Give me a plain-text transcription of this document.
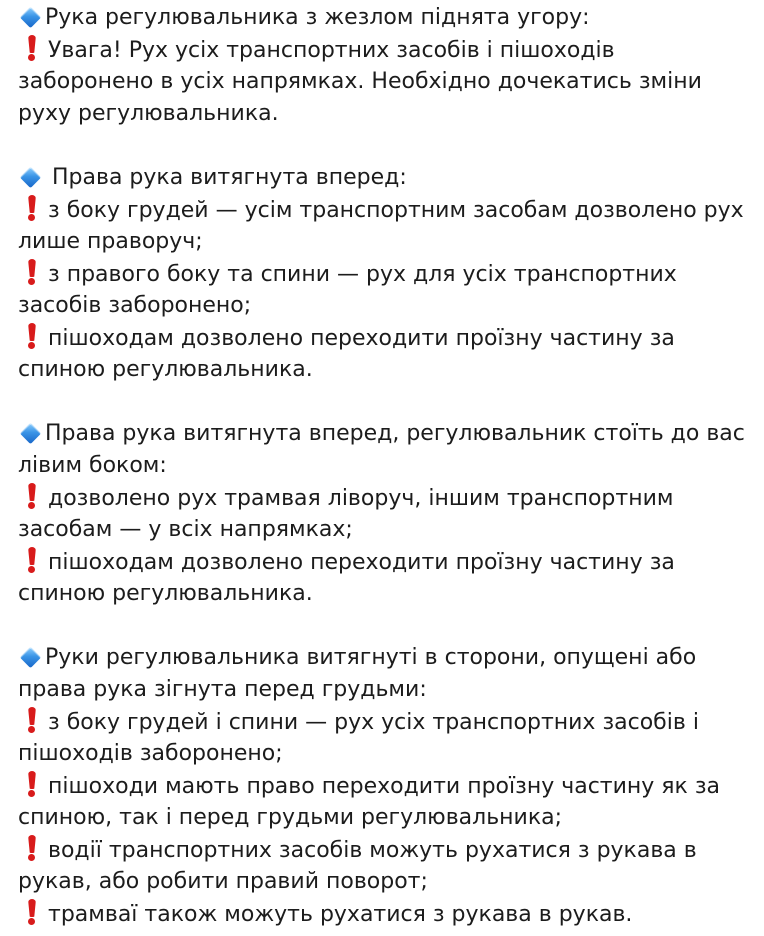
Рука регулювальника з жезлом піднята угору:
Увага! Рух усіх транспортних засобів і пішоходів
заборонено в усіх напрямках. Необхідно дочекатись зміни
руху регулювальника.
Права рука витягнута вперед:
з боку грудей — усім транспортним засобам дозволено рух
лише праворуч;
з правого боку та спини — рух для усіх транспортних
засобів заборонено;
пішоходам дозволено переходити проїзну частину за
спиною регулювальника.
Права рука витягнута вперед, регулювальник стоїть до вас
лівим боком:
дозволено рух трамвая ліворуч, іншим транспортним
засобам — у всіх напрямках;
пішоходам дозволено переходити проїзну частину за
спиною регулювальника.
Руки регулювальника витягнуті в сторони, опущені або
права рука зігнута перед грудьми:
з боку грудей і спини — рух усіх транспортних засобів і
пішоходів заборонено;
пішоходи мають право переходити проїзну частину як за
спиною, так і перед грудьми регулювальника;
водії транспортних засобів можуть рухатися з рукава в
рукав, або робити правий поворот;
трамваї також можуть рухатися з рукава в рукав.
